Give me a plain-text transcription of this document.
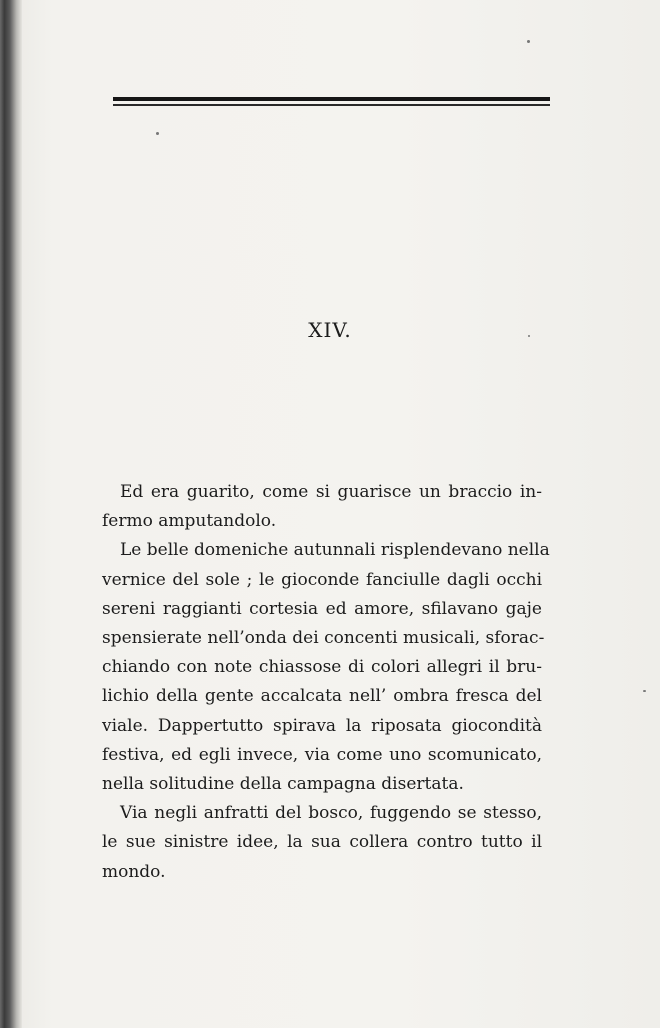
XIV.

Ed era guarito, come si guarisce un braccio in-
fermo amputandolo.

Le belle domeniche autunnali risplendevano nella
vernice del sole ; le gioconde fanciulle dagli occhi
sereni raggianti cortesia ed amore, sfilavano gaje
spensierate nell’onda dei concenti musicali, sforac-
chiando con note chiassose di colori allegri il bru-
lichio della gente accalcata nell’ ombra fresca del
viale. Dappertutto spirava la riposata giocondità
festiva, ed egli invece, via come uno scomunicato,
nella solitudine della campagna disertata.

Via negli anfratti del bosco, fuggendo se stesso,
le sue sinistre idee, la sua collera contro tutto il
mondo.
